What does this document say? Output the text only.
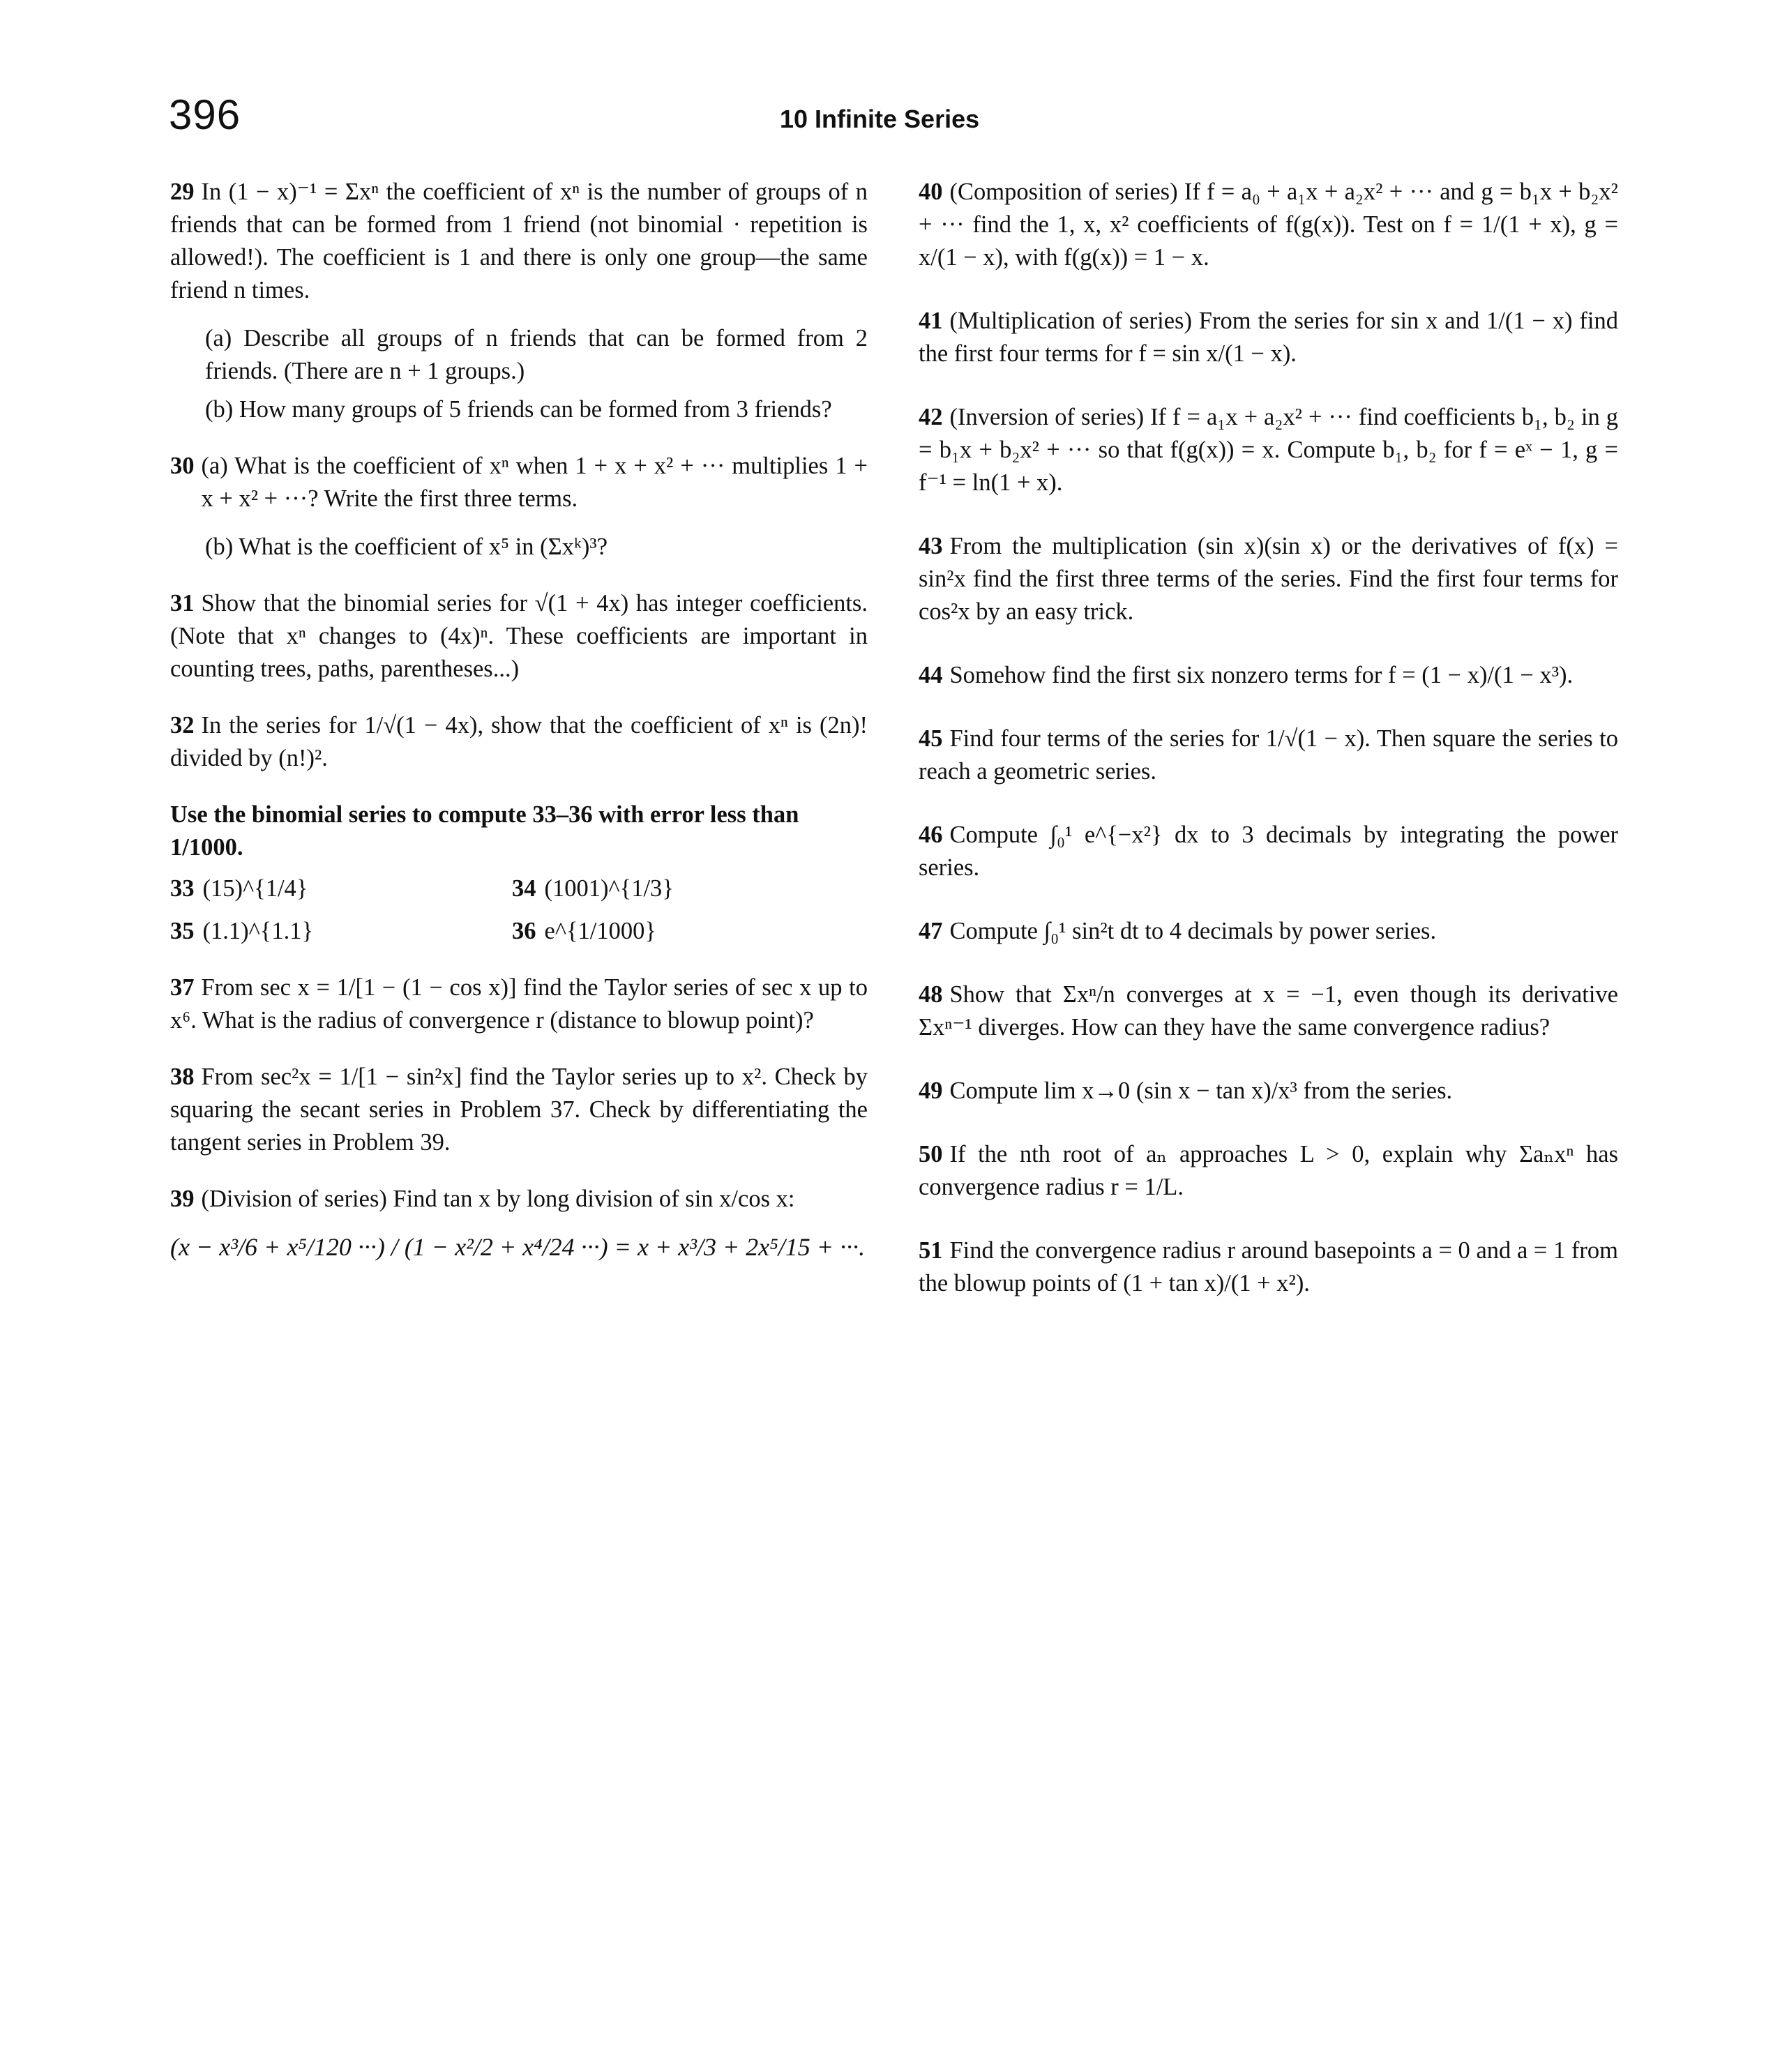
396	10 Infinite Series
29 In (1 − x)⁻¹ = Σxⁿ the coefficient of xⁿ is the number of groups of n friends that can be formed from 1 friend (not binomial · repetition is allowed!). The coefficient is 1 and there is only one group—the same friend n times.
(a) Describe all groups of n friends that can be formed from 2 friends. (There are n + 1 groups.)
(b) How many groups of 5 friends can be formed from 3 friends?
30 (a) What is the coefficient of xⁿ when 1 + x + x² + ··· multiplies 1 + x + x² + ···? Write the first three terms.
(b) What is the coefficient of x⁵ in (Σxᵏ)³?
31 Show that the binomial series for √(1 + 4x) has integer coefficients. (Note that xⁿ changes to (4x)ⁿ. These coefficients are important in counting trees, paths, parentheses...)
32 In the series for 1/√(1 − 4x), show that the coefficient of xⁿ is (2n)! divided by (n!)².
Use the binomial series to compute 33–36 with error less than 1/1000.
33 (15)^{1/4}	34 (1001)^{1/3}
35 (1.1)^{1.1}	36 e^{1/1000}
37 From sec x = 1/[1 − (1 − cos x)] find the Taylor series of sec x up to x⁶. What is the radius of convergence r (distance to blowup point)?
38 From sec²x = 1/[1 − sin²x] find the Taylor series up to x². Check by squaring the secant series in Problem 37. Check by differentiating the tangent series in Problem 39.
39 (Division of series) Find tan x by long division of sin x/cos x:
(x − x³/6 + x⁵/120 ···) / (1 − x²/2 + x⁴/24 ···) = x + x³/3 + 2x⁵/15 + ···.
40 (Composition of series) If f = a₀ + a₁x + a₂x² + ··· and g = b₁x + b₂x² + ··· find the 1, x, x² coefficients of f(g(x)). Test on f = 1/(1 + x), g = x/(1 − x), with f(g(x)) = 1 − x.
41 (Multiplication of series) From the series for sin x and 1/(1 − x) find the first four terms for f = sin x/(1 − x).
42 (Inversion of series) If f = a₁x + a₂x² + ··· find coefficients b₁, b₂ in g = b₁x + b₂x² + ··· so that f(g(x)) = x. Compute b₁, b₂ for f = eˣ − 1, g = f⁻¹ = ln(1 + x).
43 From the multiplication (sin x)(sin x) or the derivatives of f(x) = sin²x find the first three terms of the series. Find the first four terms for cos²x by an easy trick.
44 Somehow find the first six nonzero terms for f = (1 − x)/(1 − x³).
45 Find four terms of the series for 1/√(1 − x). Then square the series to reach a geometric series.
46 Compute ∫₀¹ e^{−x²} dx to 3 decimals by integrating the power series.
47 Compute ∫₀¹ sin²t dt to 4 decimals by power series.
48 Show that Σxⁿ/n converges at x = −1, even though its derivative Σxⁿ⁻¹ diverges. How can they have the same convergence radius?
49 Compute lim x→0 (sin x − tan x)/x³ from the series.
50 If the nth root of aₙ approaches L > 0, explain why Σaₙxⁿ has convergence radius r = 1/L.
51 Find the convergence radius r around basepoints a = 0 and a = 1 from the blowup points of (1 + tan x)/(1 + x²).
